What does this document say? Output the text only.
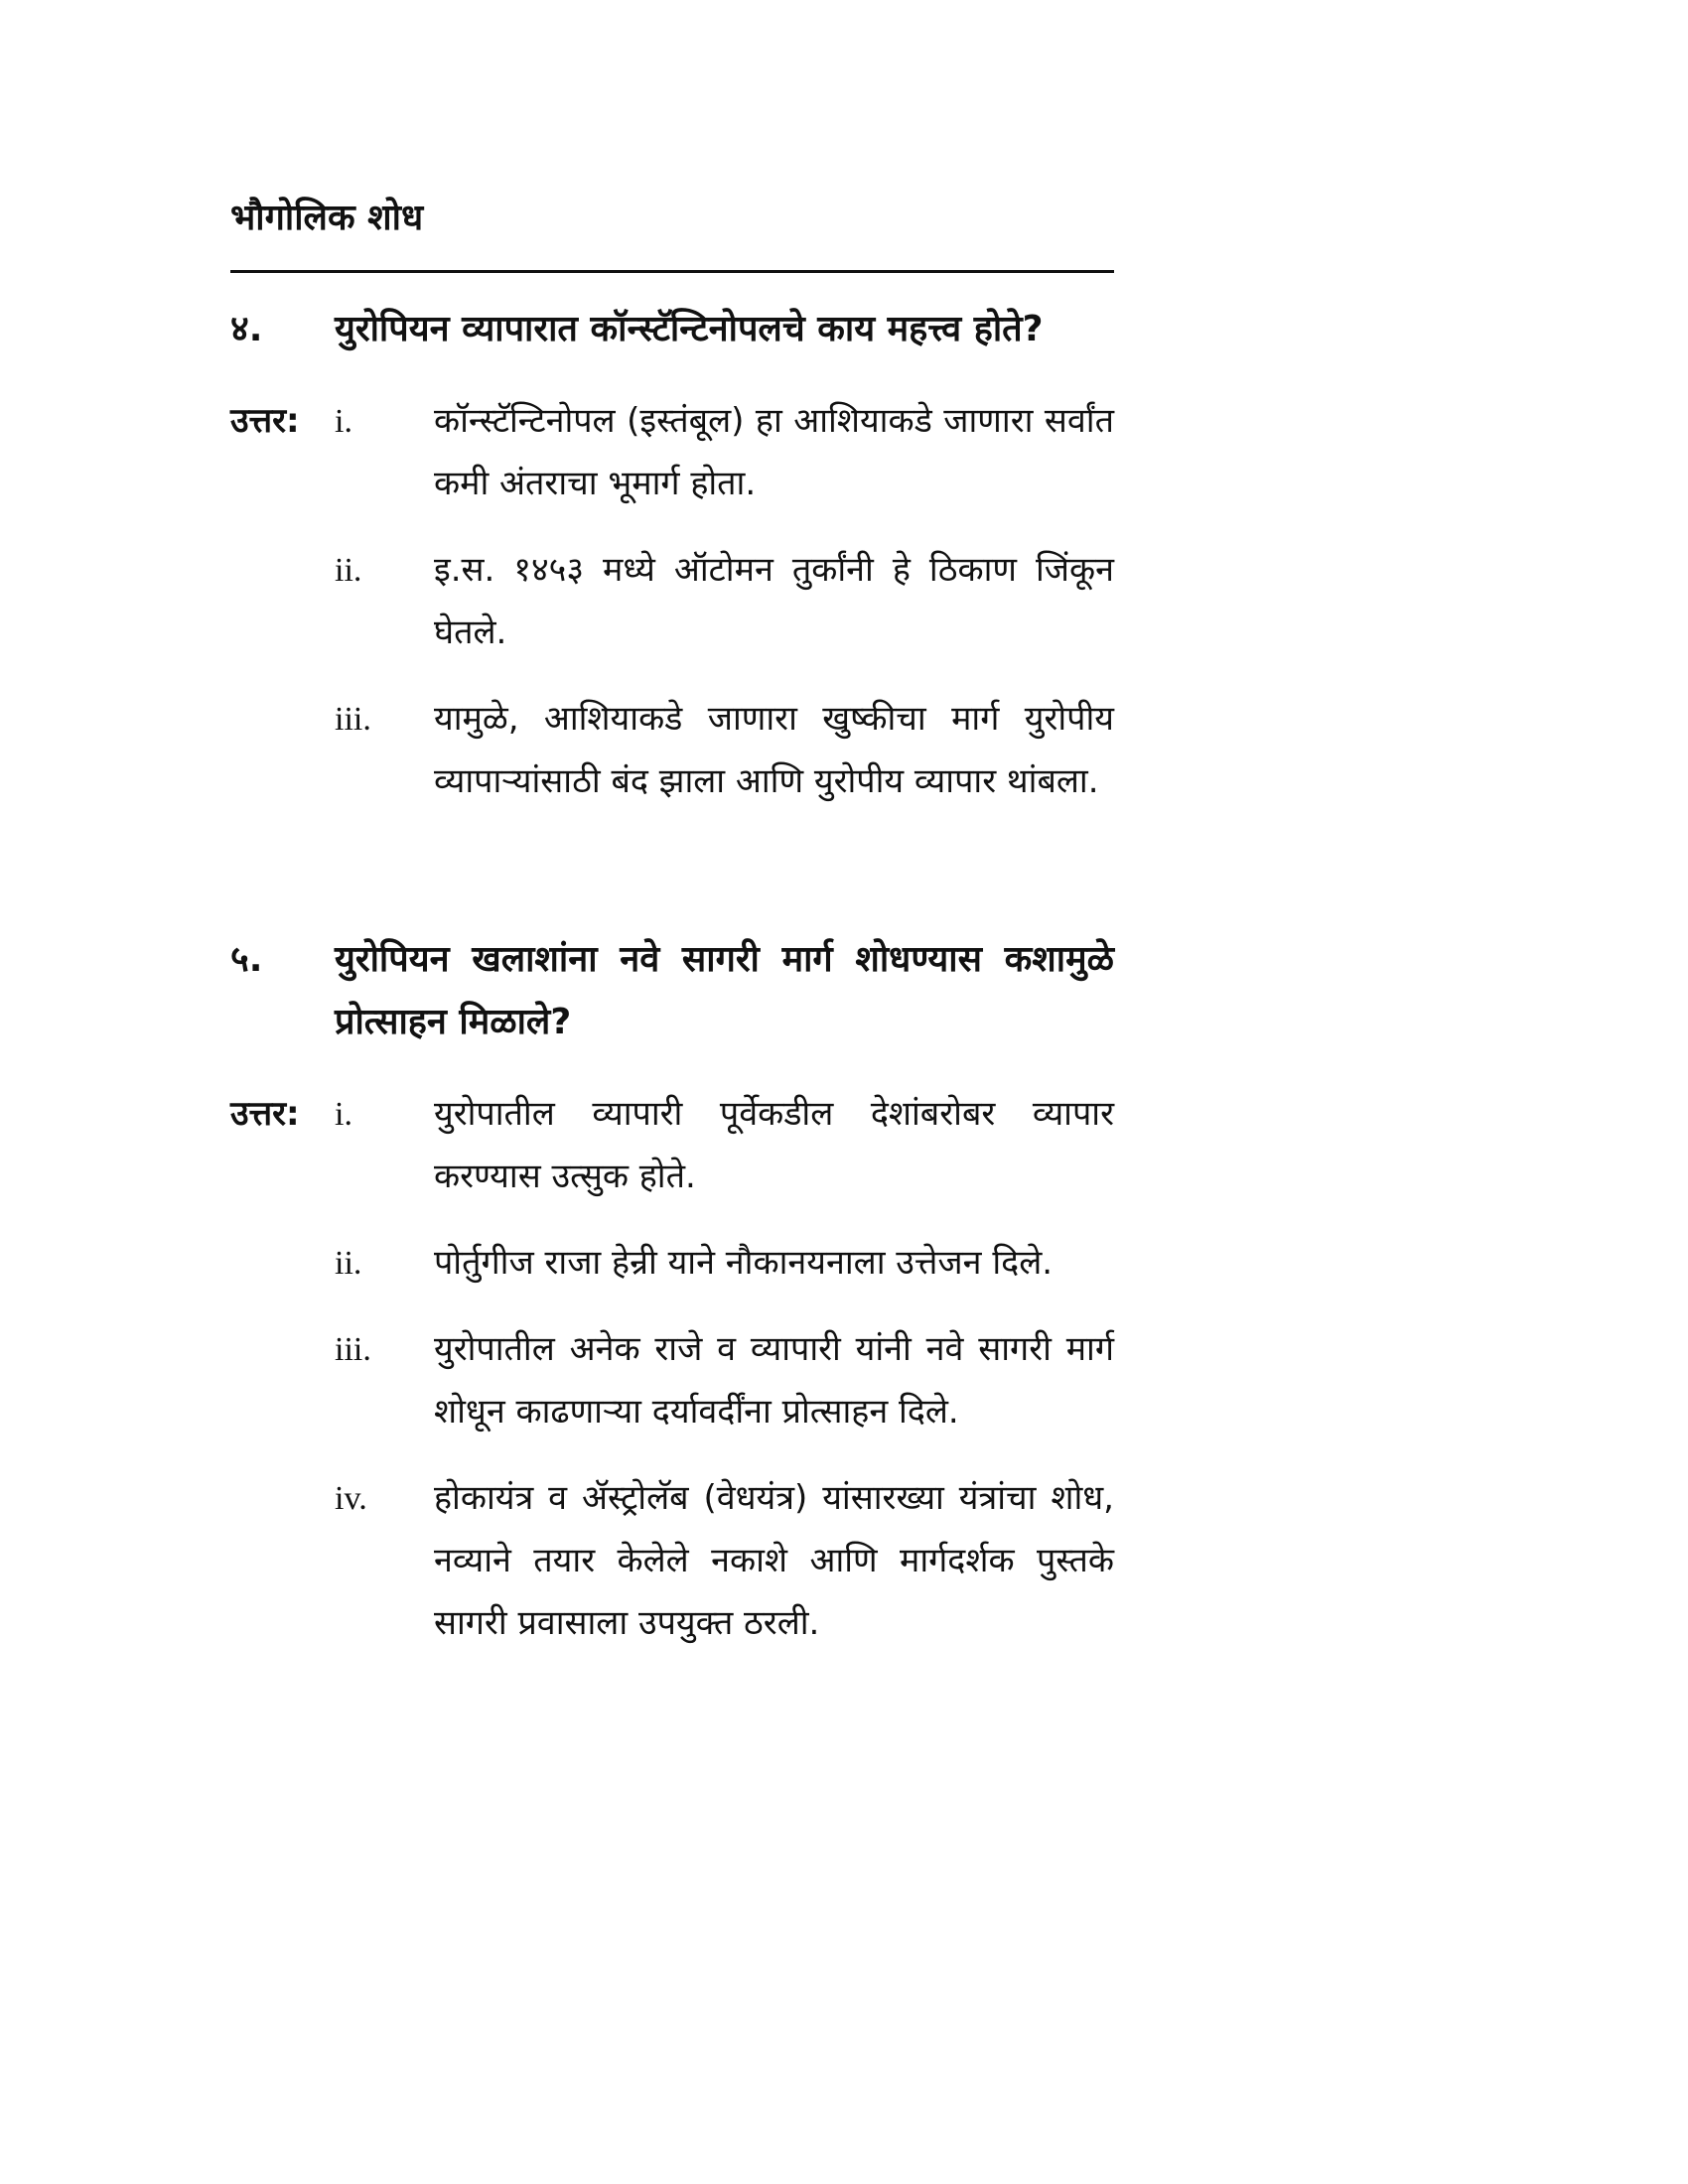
भौगोलिक शोध
४.	युरोपियन व्यापारात कॉन्स्टॅन्टिनोपलचे काय महत्त्व होते?
उत्तर:	i.	कॉन्स्टॅन्टिनोपल (इस्तंबूल) हा आशियाकडे जाणारा सर्वांत कमी अंतराचा भूमार्ग होता.
ii.	इ.स. १४५३ मध्ये ऑटोमन तुर्कांनी हे ठिकाण जिंकून घेतले.
iii.	यामुळे, आशियाकडे जाणारा खुष्कीचा मार्ग युरोपीय व्यापाऱ्यांसाठी बंद झाला आणि युरोपीय व्यापार थांबला.
५.	युरोपियन खलाशांना नवे सागरी मार्ग शोधण्यास कशामुळे प्रोत्साहन मिळाले?
उत्तर:	i.	युरोपातील व्यापारी पूर्वेकडील देशांबरोबर व्यापार करण्यास उत्सुक होते.
ii.	पोर्तुगीज राजा हेन्री याने नौकानयनाला उत्तेजन दिले.
iii.	युरोपातील अनेक राजे व व्यापारी यांनी नवे सागरी मार्ग शोधून काढणाऱ्या दर्यावर्दींना प्रोत्साहन दिले.
iv.	होकायंत्र व ॲस्ट्रोलॅब (वेधयंत्र) यांसारख्या यंत्रांचा शोध, नव्याने तयार केलेले नकाशे आणि मार्गदर्शक पुस्तके सागरी प्रवासाला उपयुक्त ठरली.
